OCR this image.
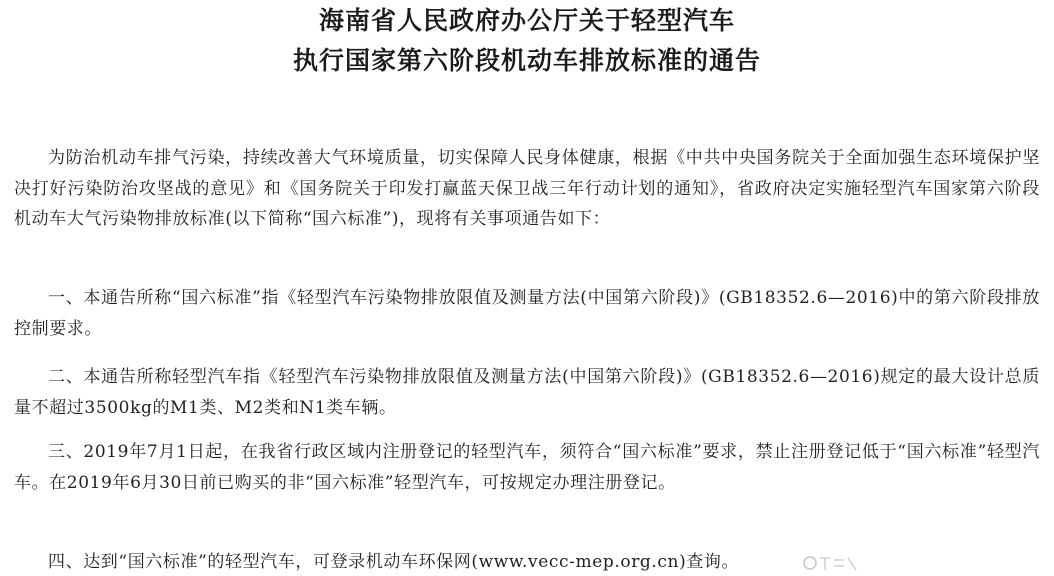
海南省人民政府办公厅关于轻型汽车
执行国家第六阶段机动车排放标准的通告

为防治机动车排气污染，持续改善大气环境质量，切实保障人民身体健康，根据《中共中央国务院关于全面加强生态环境保护坚决打好污染防治攻坚战的意见》和《国务院关于印发打赢蓝天保卫战三年行动计划的通知》，省政府决定实施轻型汽车国家第六阶段机动车大气污染物排放标准(以下简称“国六标准”)，现将有关事项通告如下：

一、本通告所称“国六标准”指《轻型汽车污染物排放限值及测量方法(中国第六阶段)》(GB18352.6—2016)中的第六阶段排放控制要求。

二、本通告所称轻型汽车指《轻型汽车污染物排放限值及测量方法(中国第六阶段)》(GB18352.6—2016)规定的最大设计总质量不超过3500kg的M1类、M2类和N1类车辆。

三、2019年7月1日起，在我省行政区域内注册登记的轻型汽车，须符合“国六标准”要求，禁止注册登记低于“国六标准”轻型汽车。在2019年6月30日前已购买的非“国六标准”轻型汽车，可按规定办理注册登记。

四、达到“国六标准”的轻型汽车，可登录机动车环保网(www.vecc-mep.org.cn)查询。
